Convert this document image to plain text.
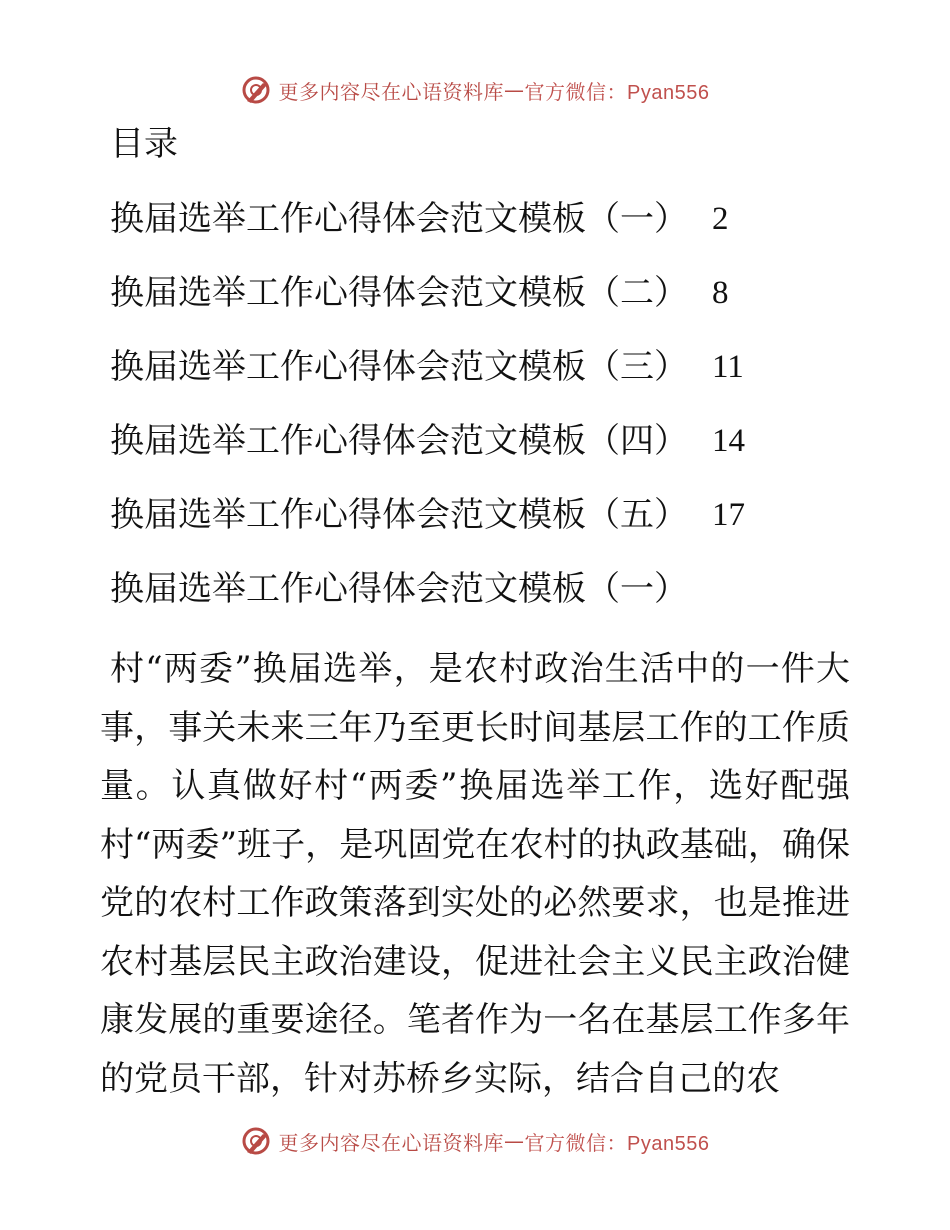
更多内容尽在心语资料库 — 官方微信：Pyan556
目录
换届选举工作心得体会范文模板（一） 2
换届选举工作心得体会范文模板（二） 8
换届选举工作心得体会范文模板（三） 11
换届选举工作心得体会范文模板（四） 14
换届选举工作心得体会范文模板（五） 17
换届选举工作心得体会范文模板（一）

村“两委”换届选举，是农村政治生活中的一件大事，事关未来三年乃至更长时间基层工作的工作质量。认真做好村“两委”换届选举工作，选好配强村“两委”班子，是巩固党在农村的执政基础，确保党的农村工作政策落到实处的必然要求，也是推进农村基层民主政治建设，促进社会主义民主政治健康发展的重要途径。笔者作为一名在基层工作多年的党员干部，针对苏桥乡实际，结合自己的农

更多内容尽在心语资料库 — 官方微信：Pyan556
